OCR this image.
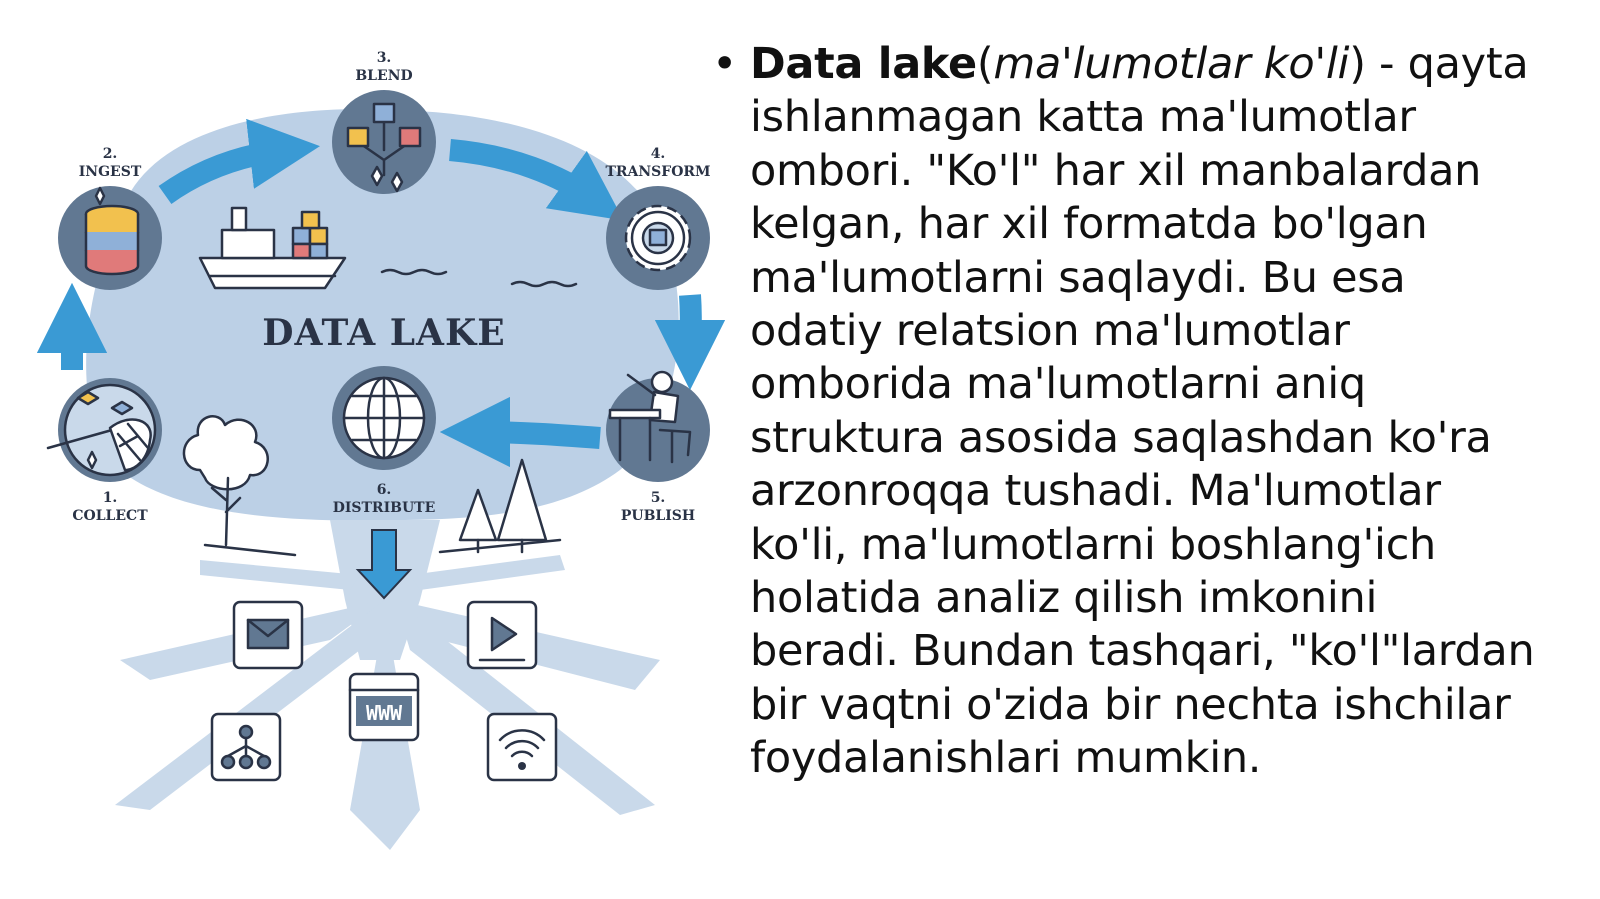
DATA LAKE
1.
COLLECT
2.
INGEST
3.
BLEND
4.
TRANSFORM
5.
PUBLISH
6.
DISTRIBUTE
WWW
• Data lake(ma'lumotlar ko'li) - qayta
ishlanmagan katta ma'lumotlar
ombori. "Ko'l" har xil manbalardan
kelgan, har xil formatda bo'lgan
ma'lumotlarni saqlaydi. Bu esa
odatiy relatsion ma'lumotlar
omborida ma'lumotlarni aniq
struktura asosida saqlashdan ko'ra
arzonroqqa tushadi. Ma'lumotlar
ko'li, ma'lumotlarni boshlang'ich
holatida analiz qilish imkonini
beradi. Bundan tashqari, "ko'l"lardan
bir vaqtni o'zida bir nechta ishchilar
foydalanishlari mumkin.
